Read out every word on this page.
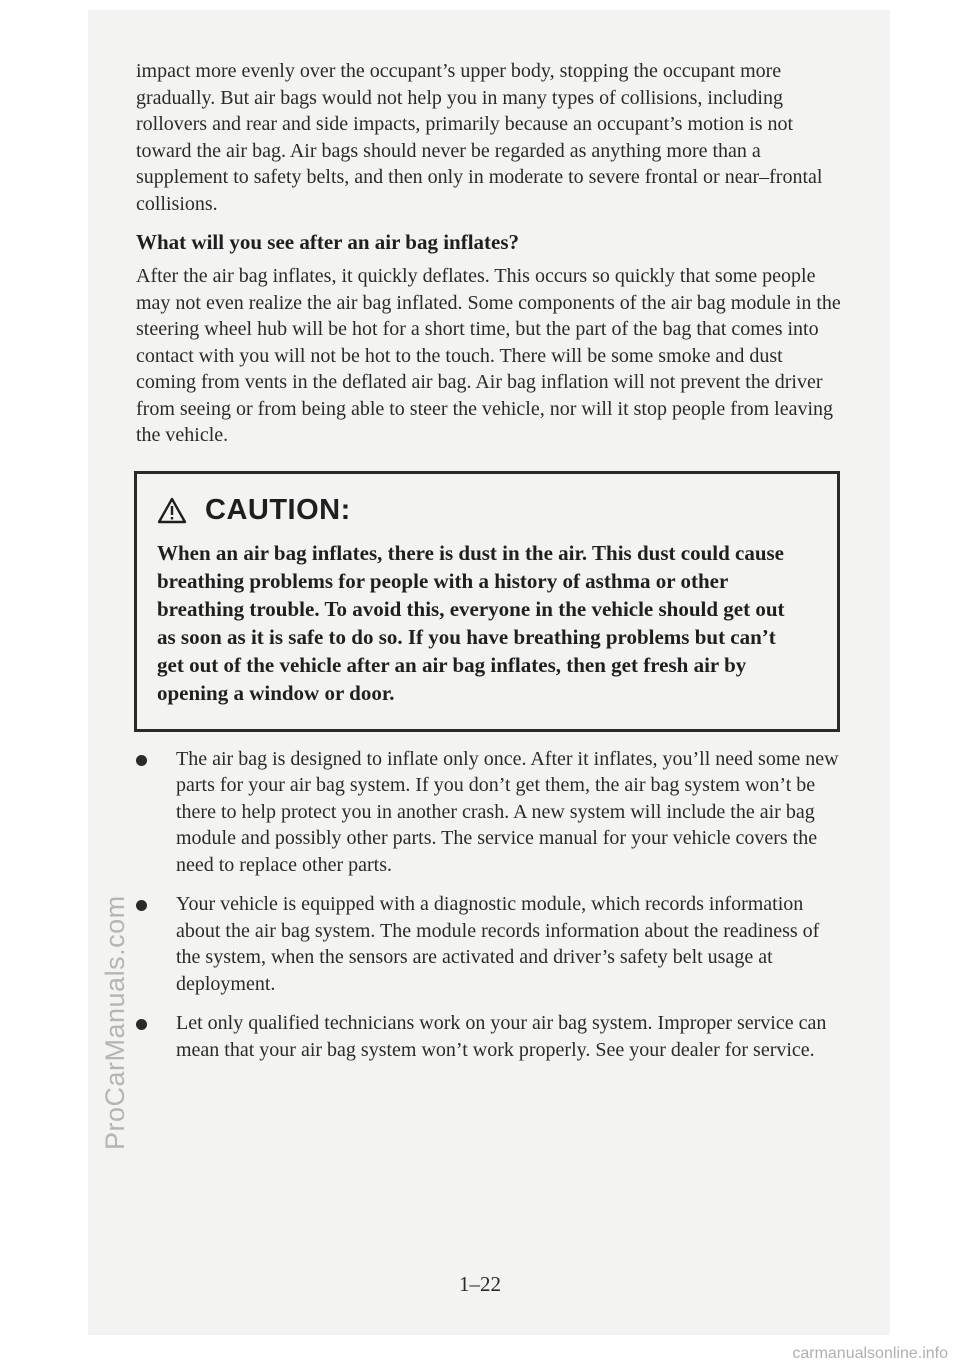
ProCarManuals.com

impact more evenly over the occupant’s upper body, stopping the occupant more gradually. But air bags would not help you in many types of collisions, including rollovers and rear and side impacts, primarily because an occupant’s motion is not toward the air bag. Air bags should never be regarded as anything more than a supplement to safety belts, and then only in moderate to severe frontal or near–frontal collisions.

What will you see after an air bag inflates?

After the air bag inflates, it quickly deflates. This occurs so quickly that some people may not even realize the air bag inflated. Some components of the air bag module in the steering wheel hub will be hot for a short time, but the part of the bag that comes into contact with you will not be hot to the touch. There will be some smoke and dust coming from vents in the deflated air bag. Air bag inflation will not prevent the driver from seeing or from being able to steer the vehicle, nor will it stop people from leaving the vehicle.

CAUTION:

When an air bag inflates, there is dust in the air. This dust could cause breathing problems for people with a history of asthma or other breathing trouble. To avoid this, everyone in the vehicle should get out as soon as it is safe to do so. If you have breathing problems but can’t get out of the vehicle after an air bag inflates, then get fresh air by opening a window or door.

The air bag is designed to inflate only once. After it inflates, you’ll need some new parts for your air bag system. If you don’t get them, the air bag system won’t be there to help protect you in another crash. A new system will include the air bag module and possibly other parts. The service manual for your vehicle covers the need to replace other parts.
Your vehicle is equipped with a diagnostic module, which records information about the air bag system. The module records information about the readiness of the system, when the sensors are activated and driver’s safety belt usage at deployment.
Let only qualified technicians work on your air bag system. Improper service can mean that your air bag system won’t work properly. See your dealer for service.
1–22
carmanualsonline.info
